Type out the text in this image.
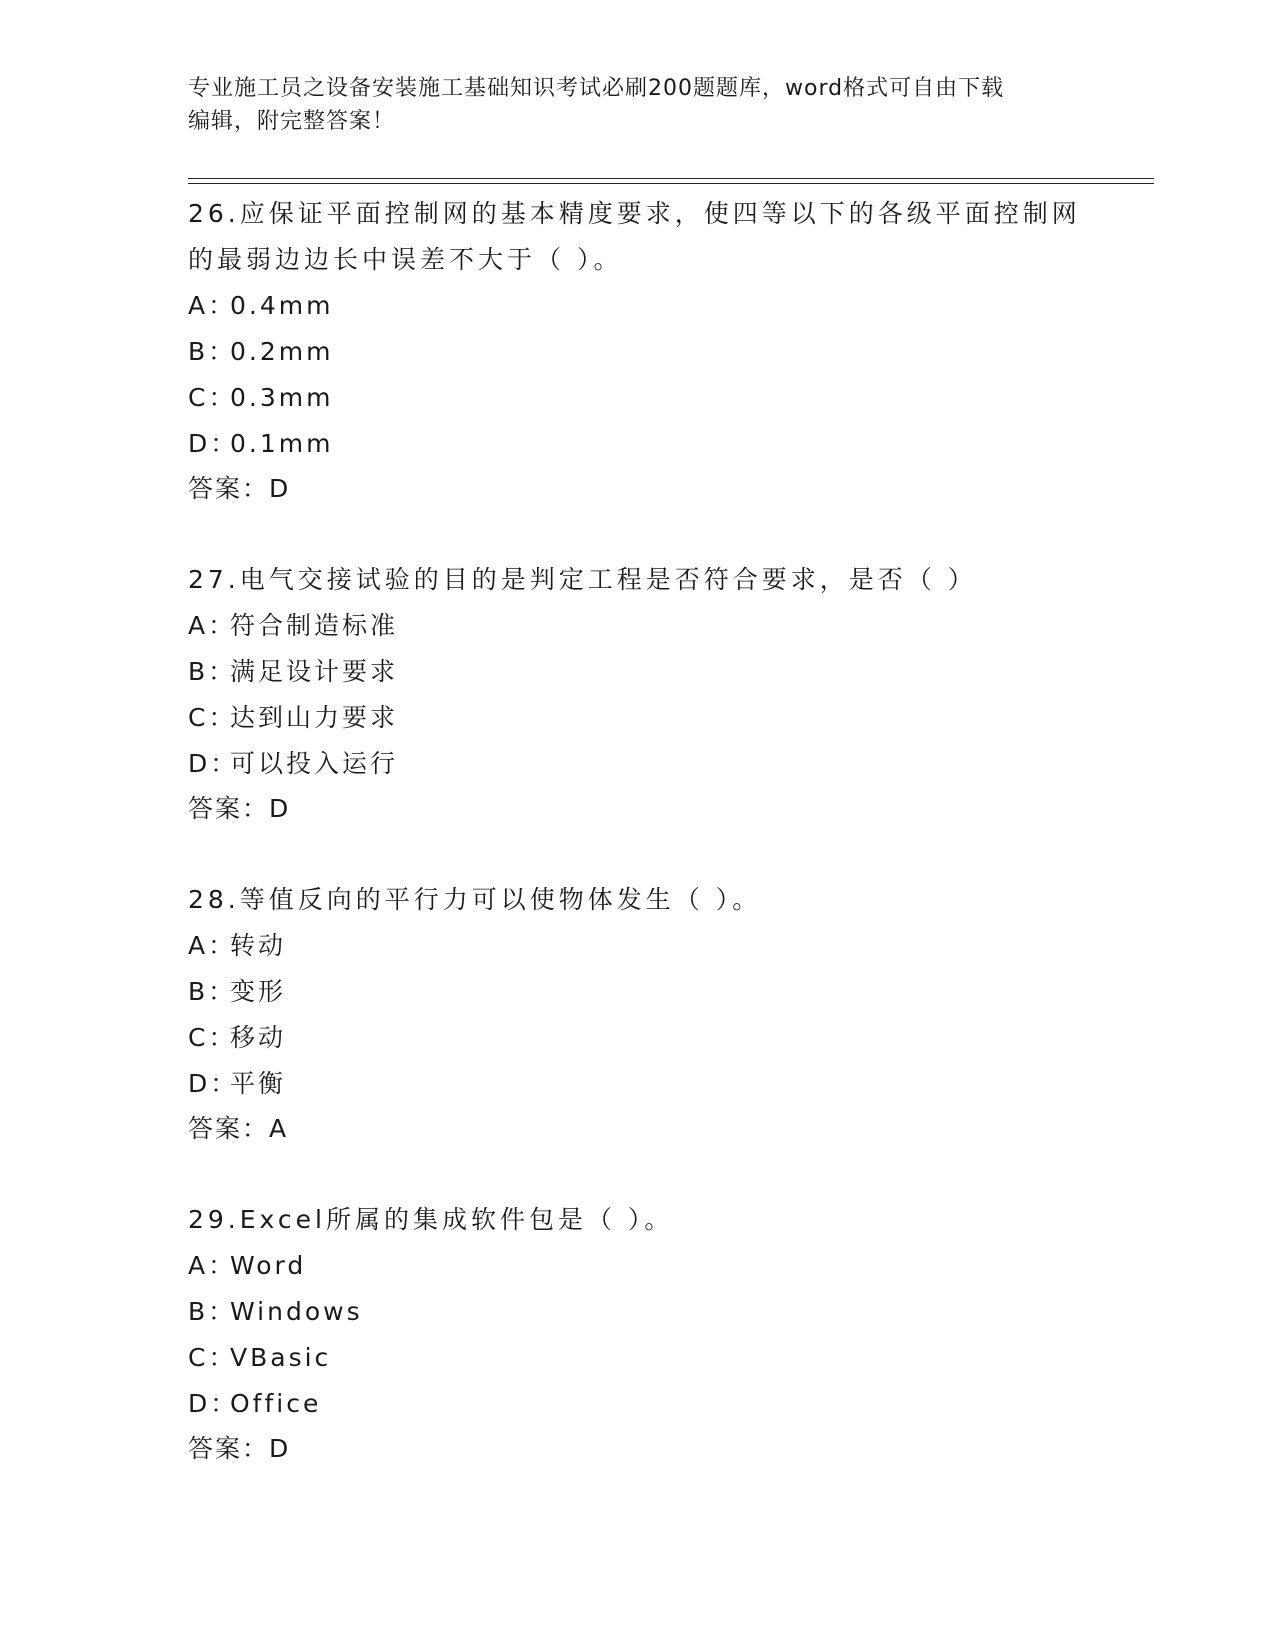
专业施工员之设备安装施工基础知识考试必刷200题题库，word格式可自由下载
编辑，附完整答案！

26.应保证平面控制网的基本精度要求，使四等以下的各级平面控制网
的最弱边边长中误差不大于（ ）。

A：0.4mm
B：0.2mm
C：0.3mm
D：0.1mm
答案：D

27.电气交接试验的目的是判定工程是否符合要求，是否（ ）

A：符合制造标准
B：满足设计要求
C：达到山力要求
D：可以投入运行
答案：D

28.等值反向的平行力可以使物体发生（ ）。

A：转动
B：变形
C：移动
D：平衡
答案：A

29.Excel所属的集成软件包是（ ）。

A：Word
B：Windows
C：VBasic
D：Office
答案：D
